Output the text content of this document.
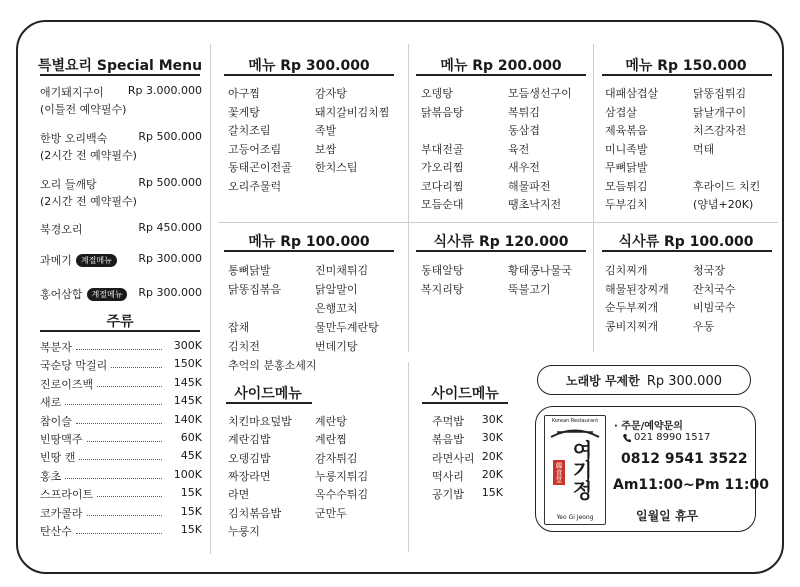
특별요리 Special Menu
애기돼지구이 Rp 3.000.000
(이틀전 예약필수)
한방 오리백숙	Rp 500.000
(2시간 전 예약필수)
오리 들깨탕	Rp 500.000
(2시간 전 예약필수)
북경오리	Rp 450.000
과메기 계절메뉴	Rp 300.000
홍어삼합 계절메뉴	Rp 300.000
주류
복분자	300K
국순당 막걸리	150K
진로이즈백	145K
새로	145K
참이슬	140K
빈땅맥주	60K
빈땅 캔	45K
홍초	100K
스프라이트	15K
코카콜라	15K
탄산수	15K
메뉴 Rp 300.000
아구찜
꽃게탕
갈치조림
고등어조림
동태곤이전골
오리주물럭
감자탕
돼지갈비김치찜
족발
보쌈
한치스팀
메뉴 Rp 200.000
오뎅탕
닭볶음탕
부대전골
가오리찜
코다리찜
모듬순대
모듬생선구이
복튀김
동삼겹
육전
새우전
해물파전
땡초낙지전
메뉴 Rp 150.000
대패삼겹살
삼겹살
제육볶음
미니족발
무뼈닭발
모듬튀김
두부김치
닭똥집튀김
닭날개구이
치즈감자전
먹태
후라이드 치킨
(양념+20K)
메뉴 Rp 100.000
통뼈닭발
닭똥집볶음
잡채
김치전
추억의 분홍소세지
진미채튀김
닭알말이
은행꼬치
물만두계란탕
번데기탕
식사류 Rp 120.000
동태알탕
복지리탕
황태콩나물국
뚝불고기
식사류 Rp 100.000
김치찌개
해물된장찌개
순두부찌개
콩비지찌개
청국장
잔치국수
비빔국수
우동
사이드메뉴
치킨마요덮밥
계란김밥
오뎅김밥
짜장라면
라면
김치볶음밥
누룽지
계란탕
계란찜
감자튀김
누룽지튀김
옥수수튀김
군만두
사이드메뉴
주먹밥	30K
볶음밥	30K
라면사리 20K
떡사리	20K
공기밥	15K
노래방 무제한 Rp 300.000
Korean Restaurant
여기정
韓食堂
Yeo Gi Jeong
· 주문/예약문의
021 8990 1517
0812 9541 3522
Am11:00~Pm 11:00
일월일 휴무
